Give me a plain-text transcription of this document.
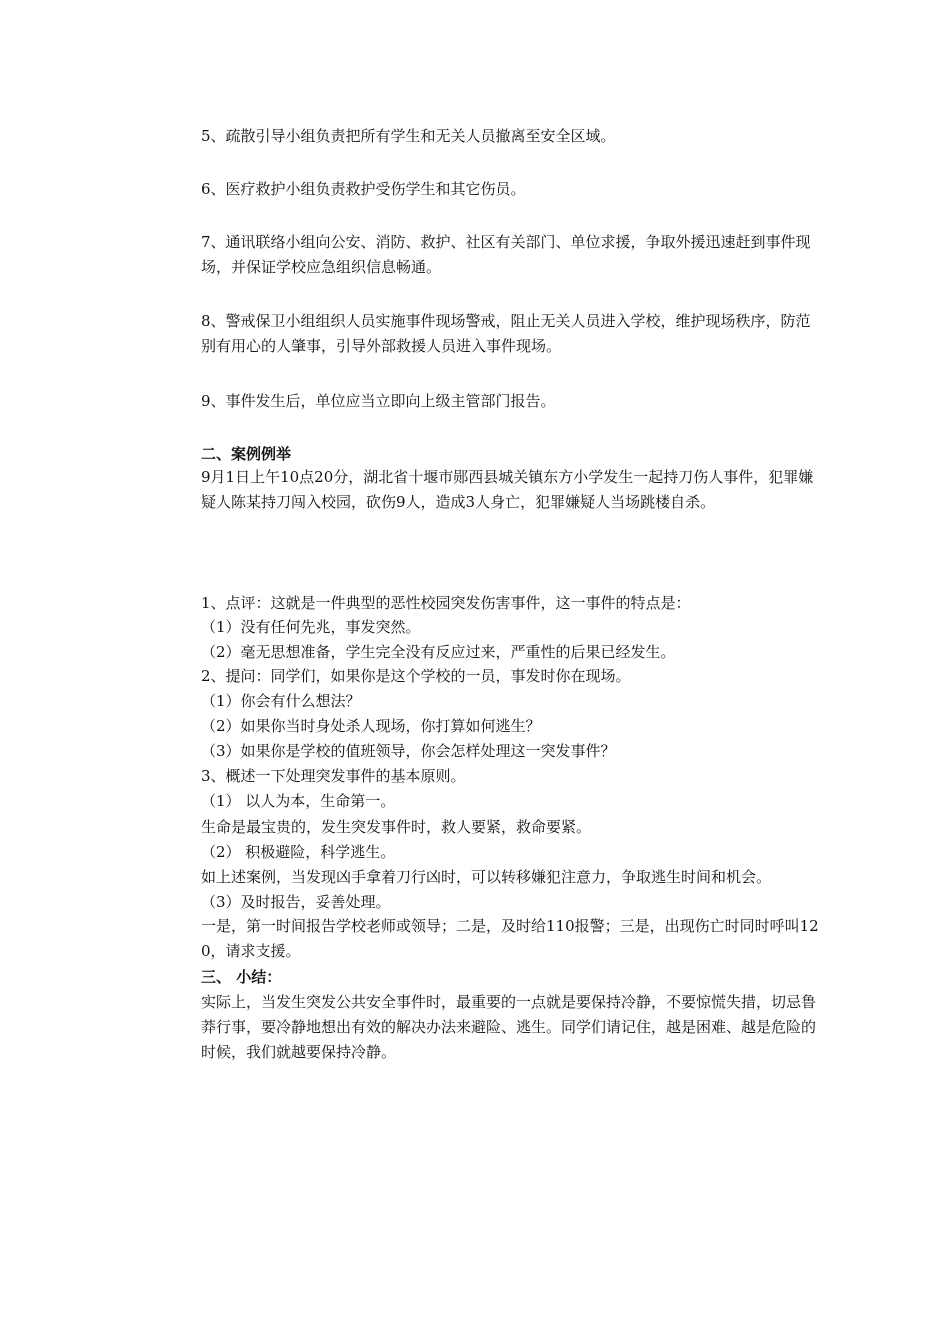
5、疏散引导小组负责把所有学生和无关人员撤离至安全区域。

6、医疗救护小组负责救护受伤学生和其它伤员。

7、通讯联络小组向公安、消防、救护、社区有关部门、单位求援，争取外援迅速赶到事件现场，并保证学校应急组织信息畅通。

8、警戒保卫小组组织人员实施事件现场警戒，阻止无关人员进入学校，维护现场秩序，防范别有用心的人肇事，引导外部救援人员进入事件现场。

9、事件发生后，单位应当立即向上级主管部门报告。

二、案例例举

9月1日上午10点20分，湖北省十堰市郧西县城关镇东方小学发生一起持刀伤人事件，犯罪嫌疑人陈某持刀闯入校园，砍伤9人，造成3人身亡，犯罪嫌疑人当场跳楼自杀。

1、点评：这就是一件典型的恶性校园突发伤害事件，这一事件的特点是：

（1）没有任何先兆，事发突然。

（2）毫无思想准备，学生完全没有反应过来，严重性的后果已经发生。

2、提问：同学们，如果你是这个学校的一员，事发时你在现场。

（1）你会有什么想法？

（2）如果你当时身处杀人现场，你打算如何逃生？

（3）如果你是学校的值班领导，你会怎样处理这一突发事件？

3、概述一下处理突发事件的基本原则。

（1） 以人为本，生命第一。

生命是最宝贵的，发生突发事件时，救人要紧，救命要紧。

（2） 积极避险，科学逃生。

如上述案例，当发现凶手拿着刀行凶时，可以转移嫌犯注意力，争取逃生时间和机会。

（3）及时报告，妥善处理。

一是，第一时间报告学校老师或领导；二是，及时给110报警；三是，出现伤亡时同时呼叫120，请求支援。

三、 小结：

实际上，当发生突发公共安全事件时，最重要的一点就是要保持冷静，不要惊慌失措，切忌鲁莽行事，要冷静地想出有效的解决办法来避险、逃生。同学们请记住，越是困难、越是危险的时候，我们就越要保持冷静。
